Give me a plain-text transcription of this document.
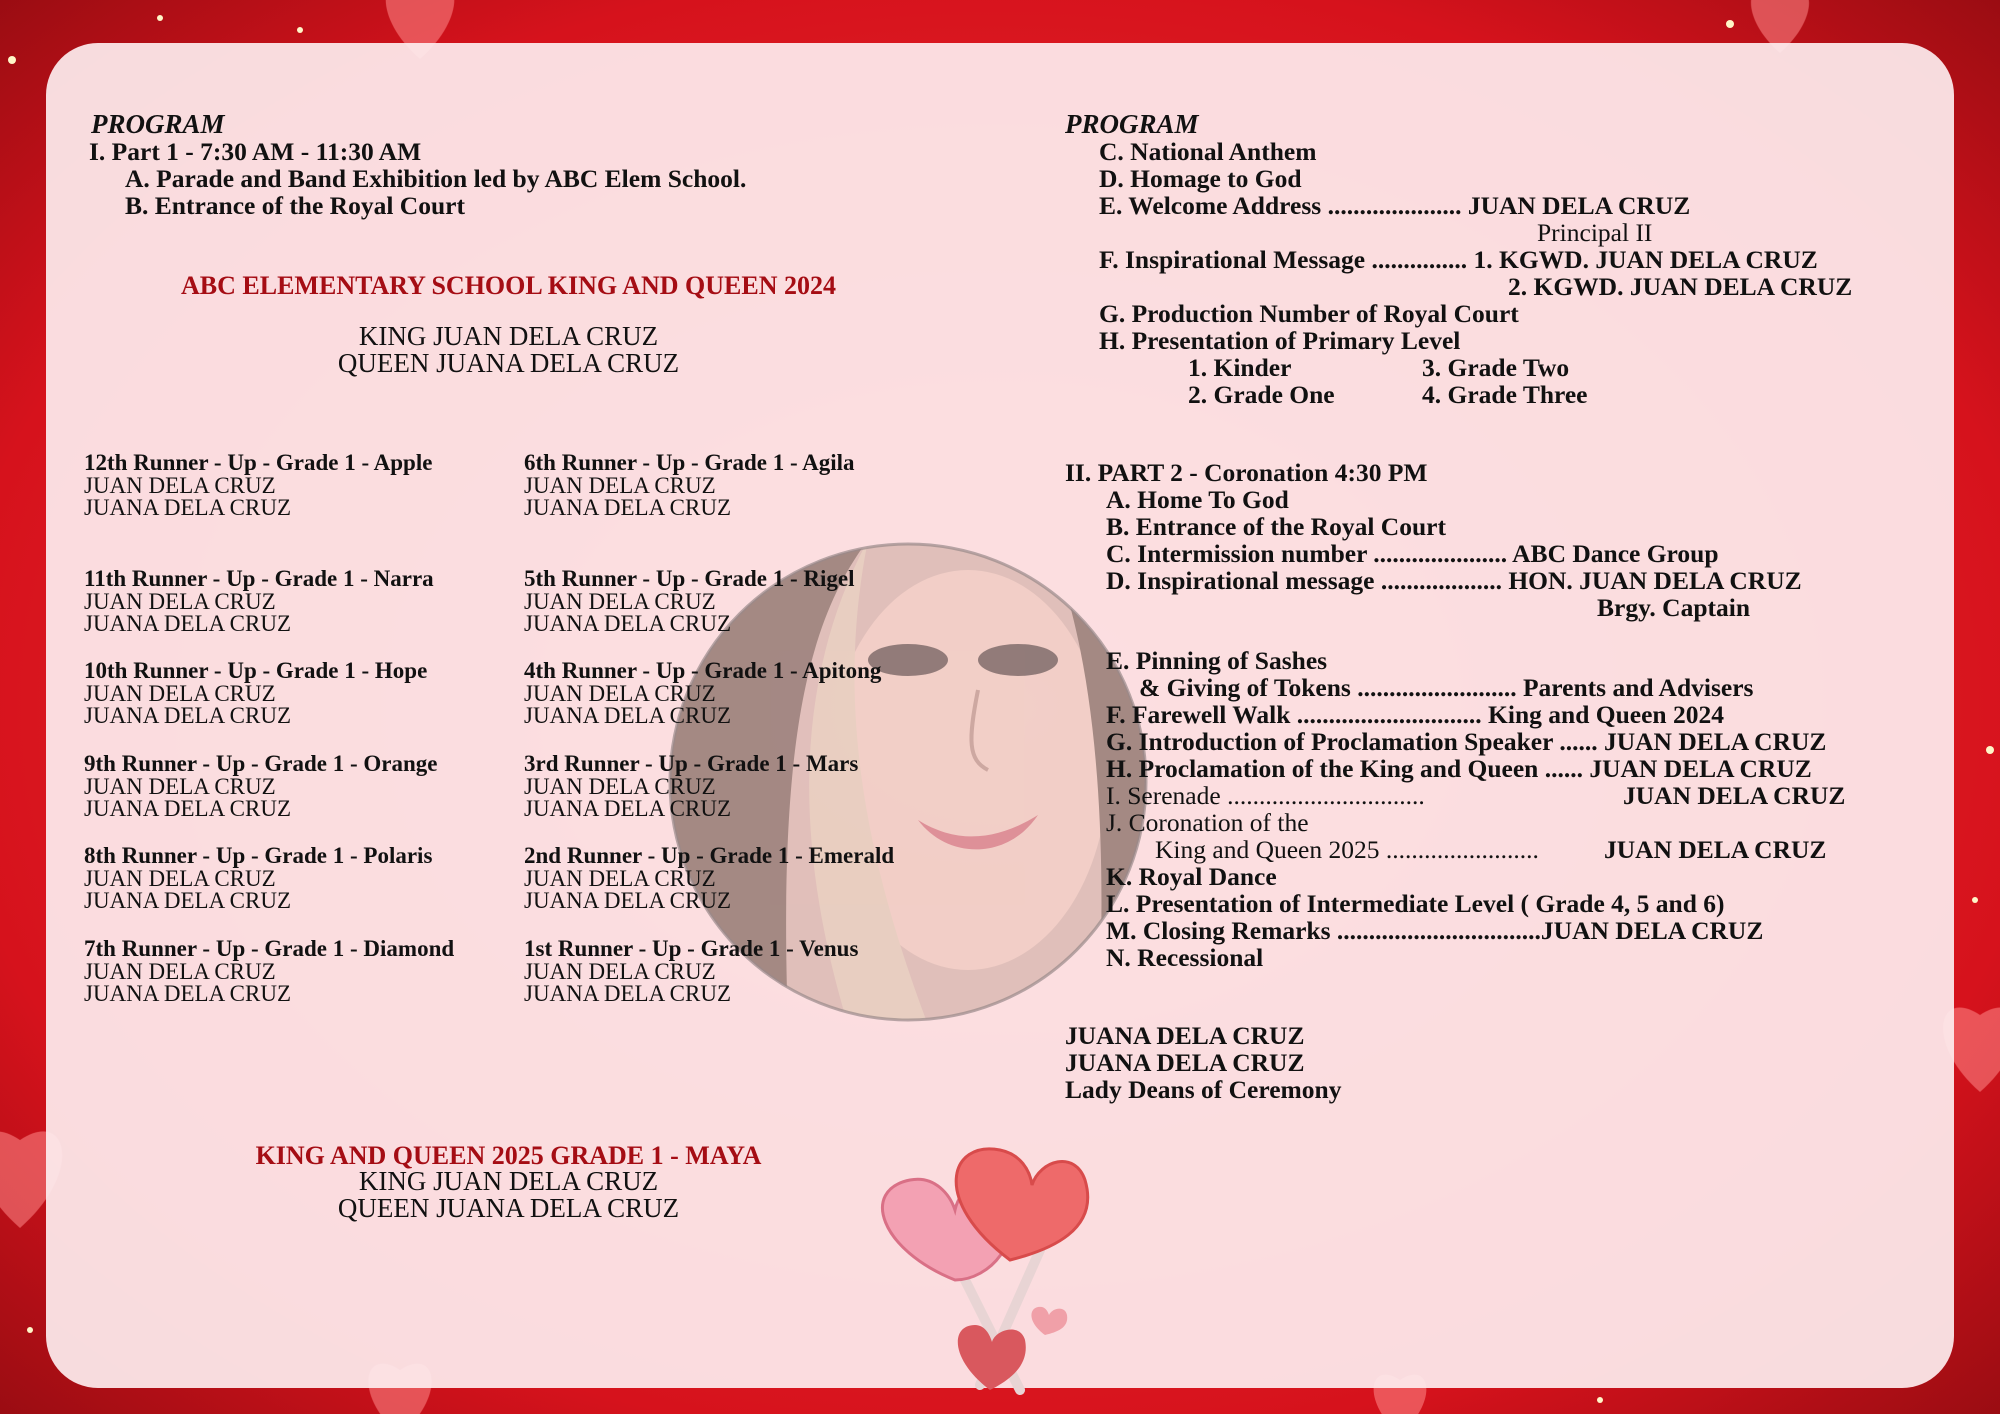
PROGRAM
I. Part 1 - 7:30 AM - 11:30 AM
A. Parade and Band Exhibition led by ABC Elem School.
B. Entrance of the Royal Court
ABC ELEMENTARY SCHOOL KING AND QUEEN 2024
KING JUAN DELA CRUZ
QUEEN JUANA DELA CRUZ
12th Runner - Up - Grade 1 - Apple
JUAN DELA CRUZ
JUANA DELA CRUZ
11th Runner - Up - Grade 1 - Narra
JUAN DELA CRUZ
JUANA DELA CRUZ
10th Runner - Up - Grade 1 - Hope
JUAN DELA CRUZ
JUANA DELA CRUZ
9th Runner - Up - Grade 1 - Orange
JUAN DELA CRUZ
JUANA DELA CRUZ
8th Runner - Up - Grade 1 - Polaris
JUAN DELA CRUZ
JUANA DELA CRUZ
7th Runner - Up - Grade 1 - Diamond
JUAN DELA CRUZ
JUANA DELA CRUZ
6th Runner - Up - Grade 1 - Agila
JUAN DELA CRUZ
JUANA DELA CRUZ
5th Runner - Up - Grade 1 - Rigel
JUAN DELA CRUZ
JUANA DELA CRUZ
4th Runner - Up - Grade 1 - Apitong
JUAN DELA CRUZ
JUANA DELA CRUZ
3rd Runner - Up - Grade 1 - Mars
JUAN DELA CRUZ
JUANA DELA CRUZ
2nd Runner - Up - Grade 1 - Emerald
JUAN DELA CRUZ
JUANA DELA CRUZ
1st Runner - Up - Grade 1 - Venus
JUAN DELA CRUZ
JUANA DELA CRUZ
KING AND QUEEN 2025 GRADE 1 - MAYA
KING JUAN DELA CRUZ
QUEEN JUANA DELA CRUZ
PROGRAM
C. National Anthem
D. Homage to God
E. Welcome Address ..................... JUAN DELA CRUZ
Principal II
F. Inspirational Message ............... 1. KGWD. JUAN DELA CRUZ
2. KGWD. JUAN DELA CRUZ
G. Production Number of Royal Court
H. Presentation of Primary Level
1. Kinder	3. Grade Two
2. Grade One	4. Grade Three
II. PART 2 - Coronation 4:30 PM
A. Home To God
B. Entrance of the Royal Court
C. Intermission number ..................... ABC Dance Group
D. Inspirational message ................... HON. JUAN DELA CRUZ
Brgy. Captain
E. Pinning of Sashes
& Giving of Tokens ......................... Parents and Advisers
F. Farewell Walk ............................. King and Queen 2024
G. Introduction of Proclamation Speaker ...... JUAN DELA CRUZ
H. Proclamation of the King and Queen ...... JUAN DELA CRUZ
I. Serenade ...............................	JUAN DELA CRUZ
J. Coronation of the
King and Queen 2025 ........................	JUAN DELA CRUZ
K. Royal Dance
L. Presentation of Intermediate Level ( Grade 4, 5 and 6)
M. Closing Remarks ................................JUAN DELA CRUZ
N. Recessional
JUANA DELA CRUZ
JUANA DELA CRUZ
Lady Deans of Ceremony
